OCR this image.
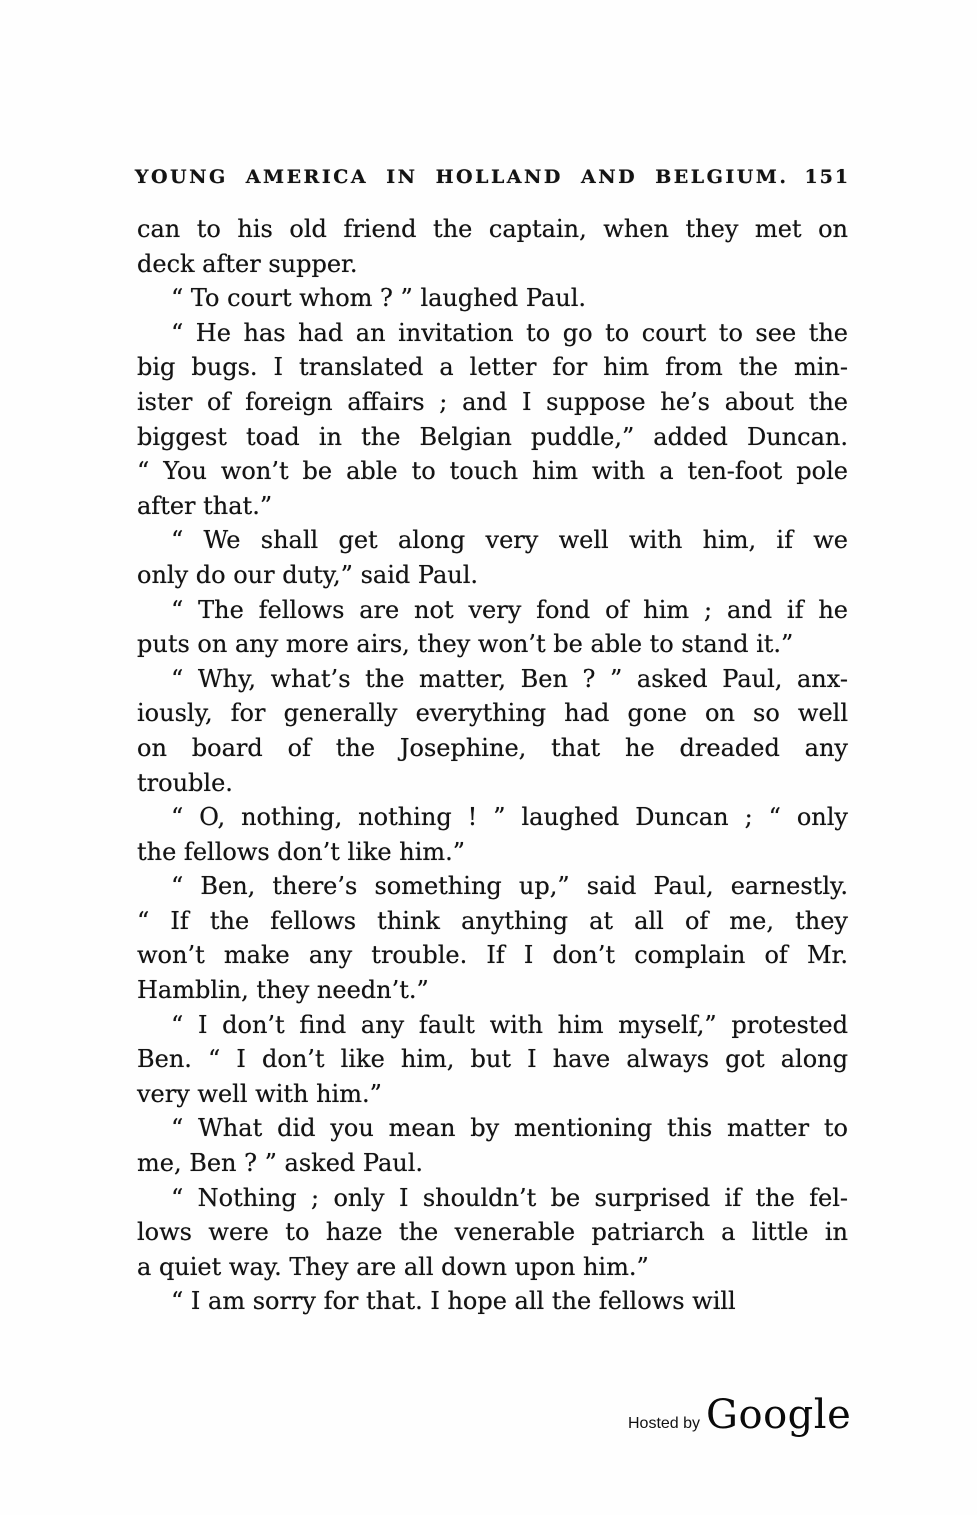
YOUNG AMERICA IN HOLLAND AND BELGIUM. 151
can to his old friend the captain, when they met on
deck after supper.
“ To court whom ? ” laughed Paul.
“ He has had an invitation to go to court to see the
big bugs. I translated a letter for him from the min-
ister of foreign affairs ; and I suppose he’s about the
biggest toad in the Belgian puddle,” added Duncan.
“ You won’t be able to touch him with a ten-foot pole
after that.”
“ We shall get along very well with him, if we
only do our duty,” said Paul.
“ The fellows are not very fond of him ; and if he
puts on any more airs, they won’t be able to stand it.”
“ Why, what’s the matter, Ben ? ” asked Paul, anx-
iously, for generally everything had gone on so well
on board of the Josephine, that he dreaded any
trouble.
“ O, nothing, nothing ! ” laughed Duncan ; “ only
the fellows don’t like him.”
“ Ben, there’s something up,” said Paul, earnestly.
“ If the fellows think anything at all of me, they
won’t make any trouble. If I don’t complain of Mr.
Hamblin, they needn’t.”
“ I don’t find any fault with him myself,” protested
Ben. “ I don’t like him, but I have always got along
very well with him.”
“ What did you mean by mentioning this matter to
me, Ben ? ” asked Paul.
“ Nothing ; only I shouldn’t be surprised if the fel-
lows were to haze the venerable patriarch a little in
a quiet way. They are all down upon him.”
“ I am sorry for that. I hope all the fellows will
Hosted by Google
